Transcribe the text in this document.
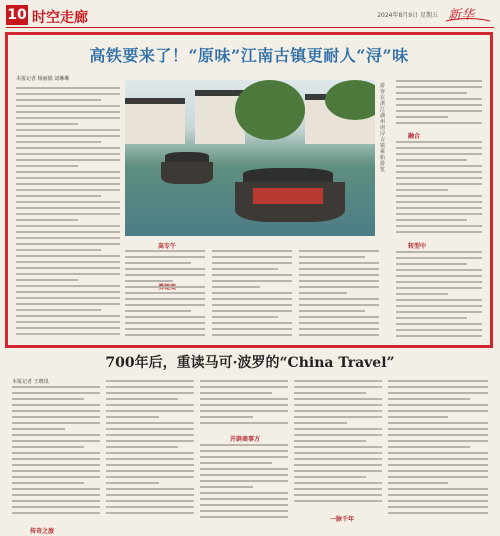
10 时空走廊	2024年8月9日 星期五 新华
高铁要来了！“原味”江南古镇更耐人“浔”味
本报记者 杨丽娟 刘琳琳
游客在浙江湖州南浔古镇乘船游览
高专午
融合
转型中
700年后，重读马可·波罗的“China Travel”
本报记者 王晓岚
开辟商事方
一脉千年
传奇之旅
